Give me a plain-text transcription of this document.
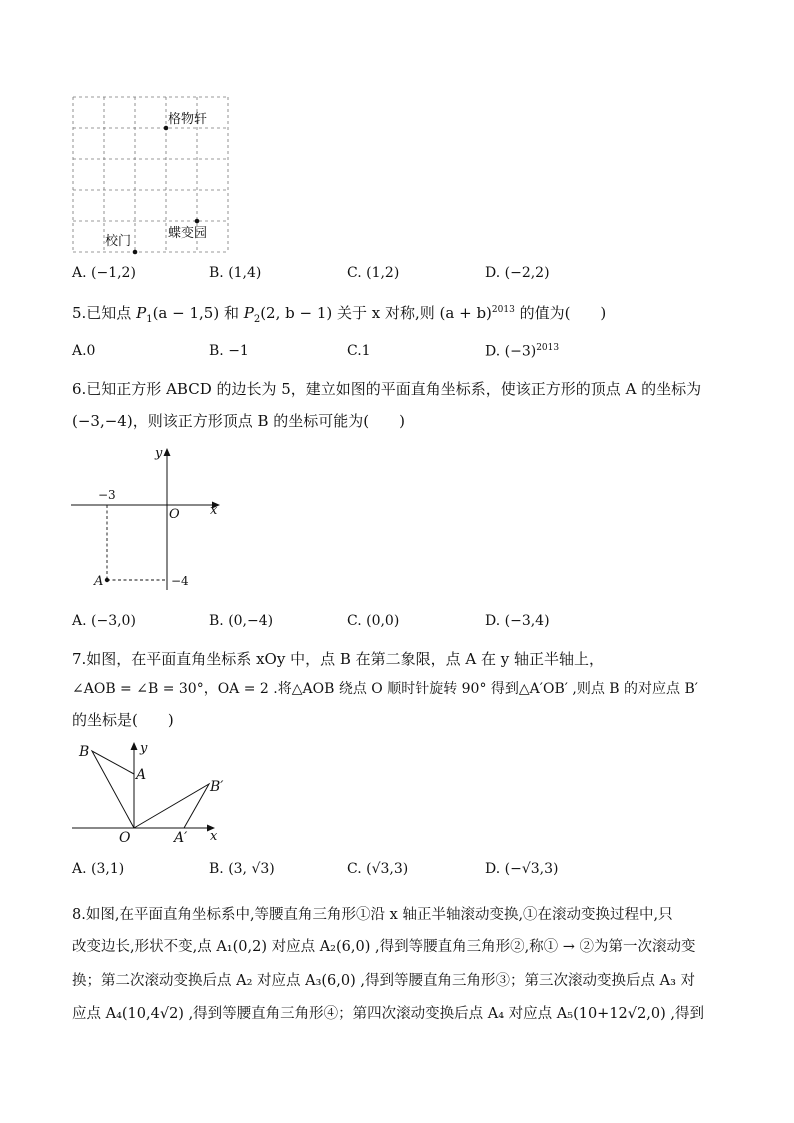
格物轩
蝶变园
校门
A. (−1,2)	B. (1,4)	C. (1,2)	D. (−2,2)
5.已知点 $P_1(a - 1,5)$ 和 $P_2(2$, b − 1) 关于 x 对称,则 $(a + b)^{2013}$ 的值为(　　)
A.0	B. −1	C.1	D. $(-3)^{2013}$
6.已知正方形 ABCD 的边长为 5，建立如图的平面直角坐标系，使该正方形的顶点 A 的坐标为
(−3,−4)，则该正方形顶点 B 的坐标可能为(　　)
y
x
O
−3
−4
A
A. (−3,0)	B. (0,−4)	C. (0,0)	D. (−3,4)
7.如图，在平面直角坐标系 xOy 中，点 B 在第二象限，点 A 在 y 轴正半轴上，
∠AOB = ∠B = 30°，OA = 2 .将△AOB 绕点 O 顺时针旋转 90° 得到△A′OB′ ,则点 B 的对应点 B′
的坐标是(　　)
B	y
A
B′
O	A′ x
A. (3,1)	B. (3, √3)	C. (√3,3)	D. (−√3,3)
8.如图,在平面直角坐标系中,等腰直角三角形①沿 x 轴正半轴滚动变换,①在滚动变换过程中,只
改变边长,形状不变,点 A₁(0,2) 对应点 A₂(6,0) ,得到等腰直角三角形②,称① → ②为第一次滚动变
换；第二次滚动变换后点 A₂ 对应点 A₃(6,0) ,得到等腰直角三角形③；第三次滚动变换后点 A₃ 对
应点 A₄(10,4√2) ,得到等腰直角三角形④；第四次滚动变换后点 A₄ 对应点 A₅(10+12√2,0) ,得到
